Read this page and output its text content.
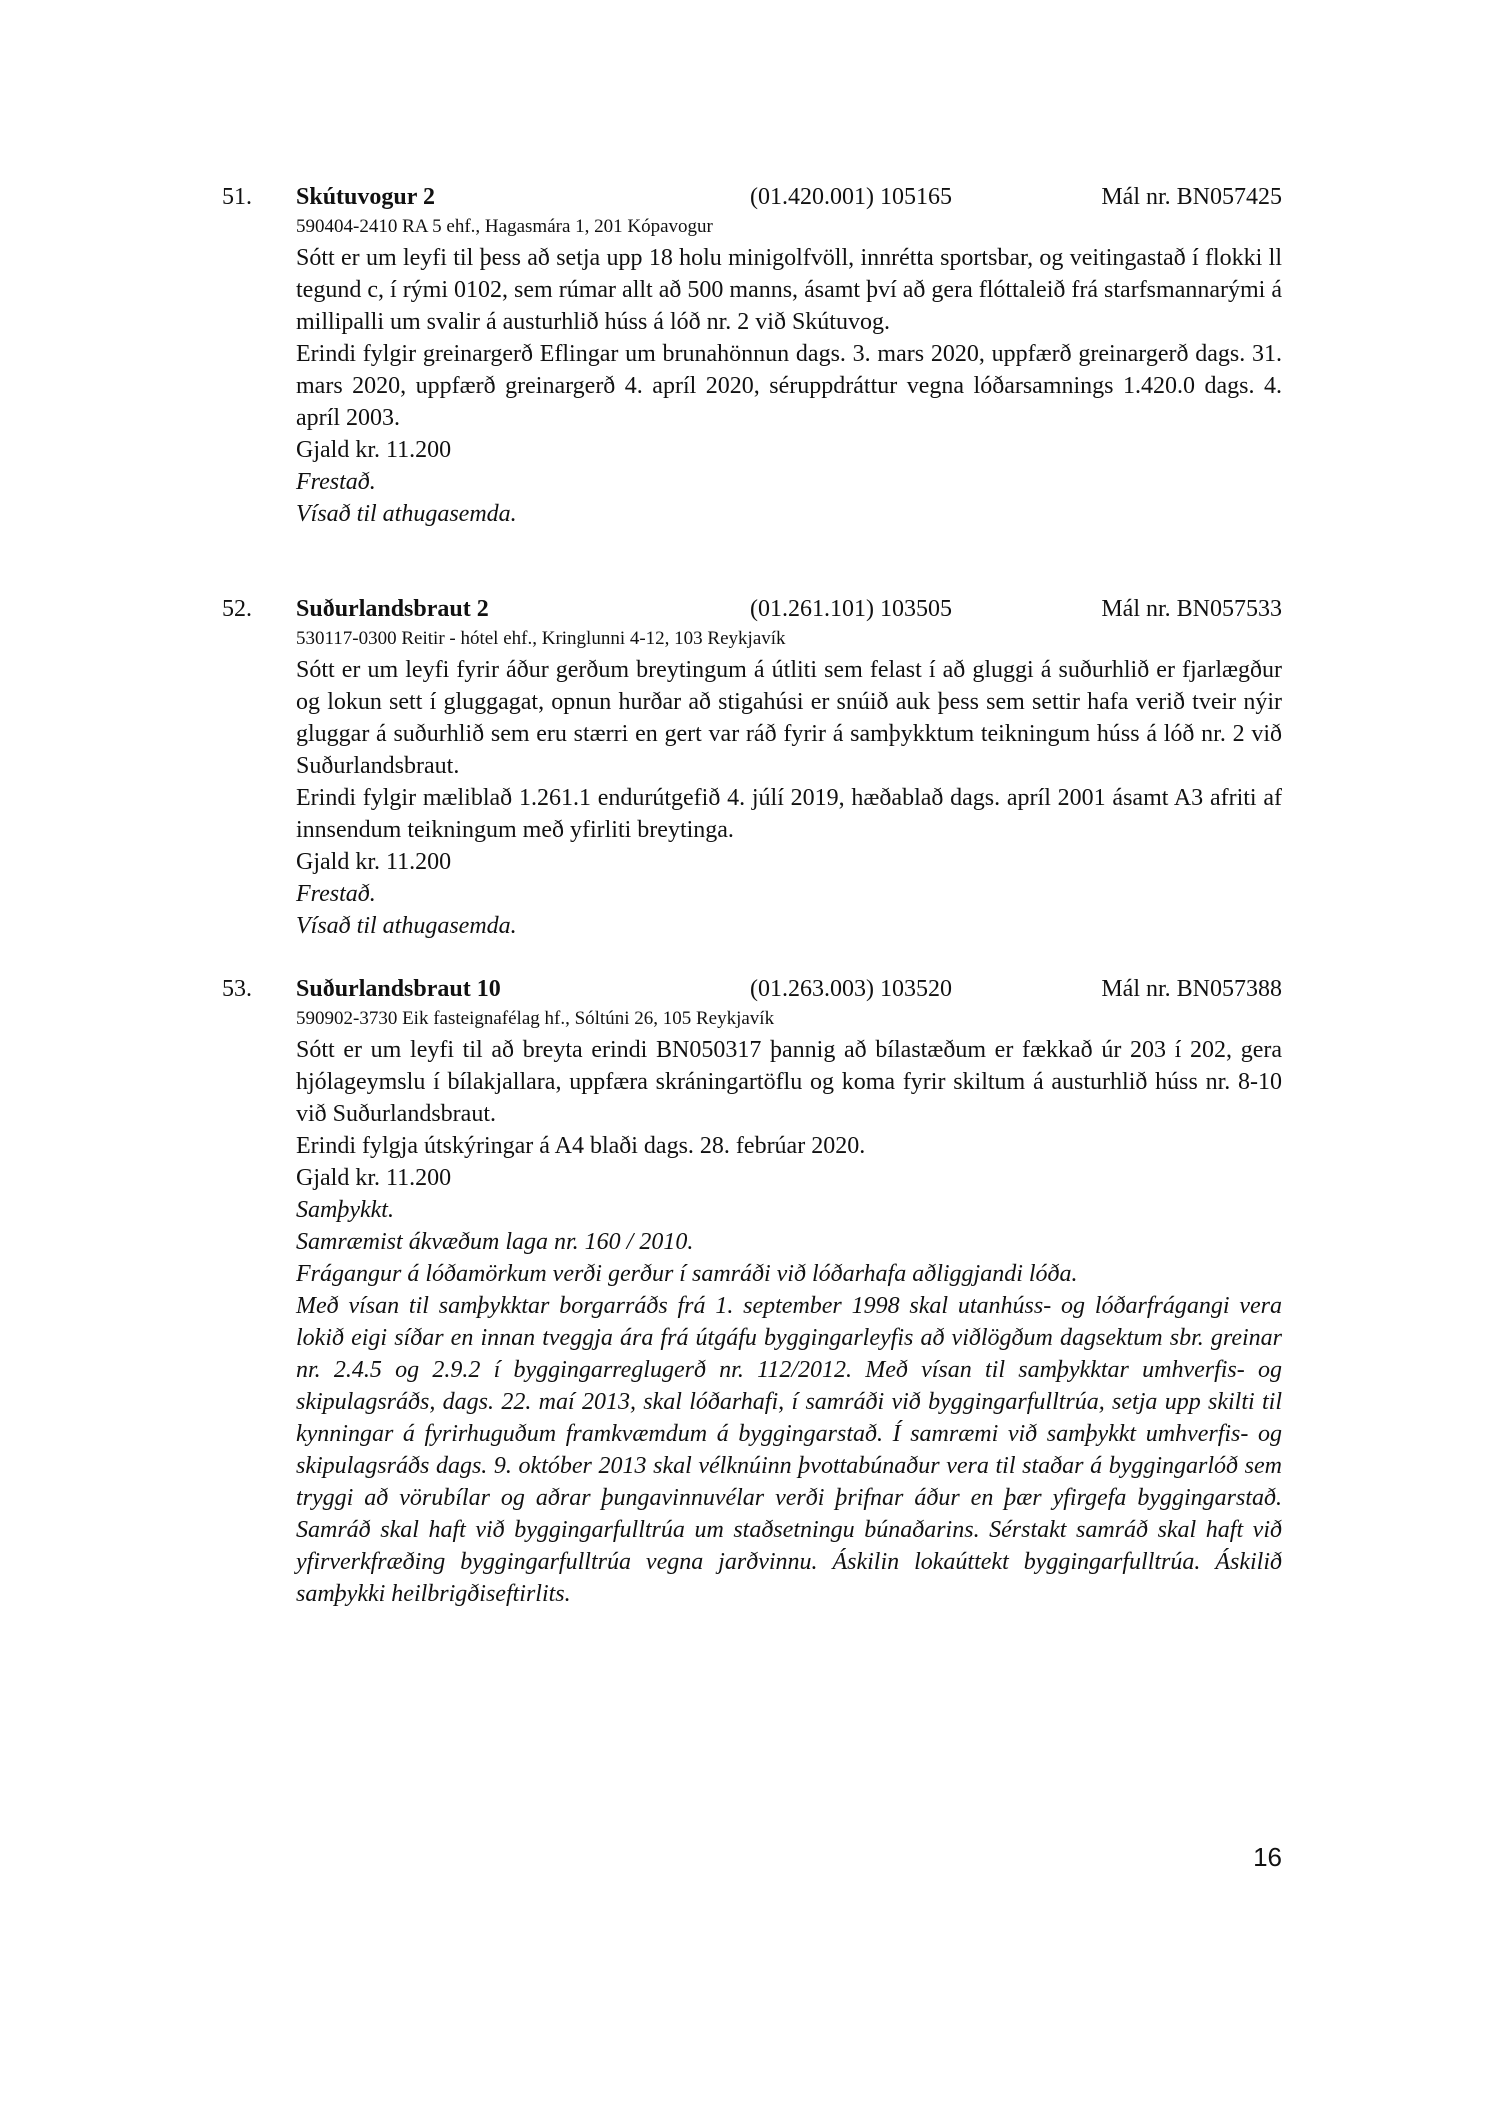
51. Skútuvogur 2	(01.420.001) 105165	Mál nr. BN057425
590404-2410 RA 5 ehf., Hagasmára 1, 201 Kópavogur
Sótt er um leyfi til þess að setja upp 18 holu minigolfvöll, innrétta sportsbar, og veitingastað í flokki ll tegund c, í rými 0102, sem rúmar allt að 500 manns, ásamt því að gera flóttaleið frá starfsmannarými á millipalli um svalir á austurhlið húss á lóð nr. 2 við Skútuvog.
Erindi fylgir greinargerð Eflingar um brunahönnun dags. 3. mars 2020, uppfærð greinargerð dags. 31. mars 2020, uppfærð greinargerð 4. apríl 2020, séruppdráttur vegna lóðarsamnings 1.420.0 dags. 4. apríl 2003.
Gjald kr. 11.200
Frestað.
Vísað til athugasemda.
52. Suðurlandsbraut 2	(01.261.101) 103505	Mál nr. BN057533
530117-0300 Reitir - hótel ehf., Kringlunni 4-12, 103 Reykjavík
Sótt er um leyfi fyrir áður gerðum breytingum á útliti sem felast í að gluggi á suðurhlið er fjarlægður og lokun sett í gluggagat, opnun hurðar að stigahúsi er snúið auk þess sem settir hafa verið tveir nýir gluggar á suðurhlið sem eru stærri en gert var ráð fyrir á samþykktum teikningum húss á lóð nr. 2 við Suðurlandsbraut.
Erindi fylgir mæliblað 1.261.1 endurútgefið 4. júlí 2019, hæðablað dags. apríl 2001 ásamt A3 afriti af innsendum teikningum með yfirliti breytinga.
Gjald kr. 11.200
Frestað.
Vísað til athugasemda.
53. Suðurlandsbraut 10	(01.263.003) 103520	Mál nr. BN057388
590902-3730 Eik fasteignafélag hf., Sóltúni 26, 105 Reykjavík
Sótt er um leyfi til að breyta erindi BN050317 þannig að bílastæðum er fækkað úr 203 í 202, gera hjólageymslu í bílakjallara, uppfæra skráningartöflu og koma fyrir skiltum á austurhlið húss nr. 8-10 við Suðurlandsbraut.
Erindi fylgja útskýringar á A4 blaði dags. 28. febrúar 2020.
Gjald kr. 11.200
Samþykkt.
Samræmist ákvæðum laga nr. 160 / 2010.
Frágangur á lóðamörkum verði gerður í samráði við lóðarhafa aðliggjandi lóða.
Með vísan til samþykktar borgarráðs frá 1. september 1998 skal utanhúss- og lóðarfrágangi vera lokið eigi síðar en innan tveggja ára frá útgáfu byggingarleyfis að viðlögðum dagsektum sbr. greinar nr. 2.4.5 og 2.9.2 í byggingarreglugerð nr. 112/2012. Með vísan til samþykktar umhverfis- og skipulagsráðs, dags. 22. maí 2013, skal lóðarhafi, í samráði við byggingarfulltrúa, setja upp skilti til kynningar á fyrirhuguðum framkvæmdum á byggingarstað. Í samræmi við samþykkt umhverfis- og skipulagsráðs dags. 9. október 2013 skal vélknúinn þvottabúnaður vera til staðar á byggingarlóð sem tryggi að vörubílar og aðrar þungavinnuvélar verði þrifnar áður en þær yfirgefa byggingarstað. Samráð skal haft við byggingarfulltrúa um staðsetningu búnaðarins. Sérstakt samráð skal haft við yfirverkfræðing byggingarfulltrúa vegna jarðvinnu. Áskilin lokaúttekt byggingarfulltrúa. Áskilið samþykki heilbrigðiseftirlits.
16
